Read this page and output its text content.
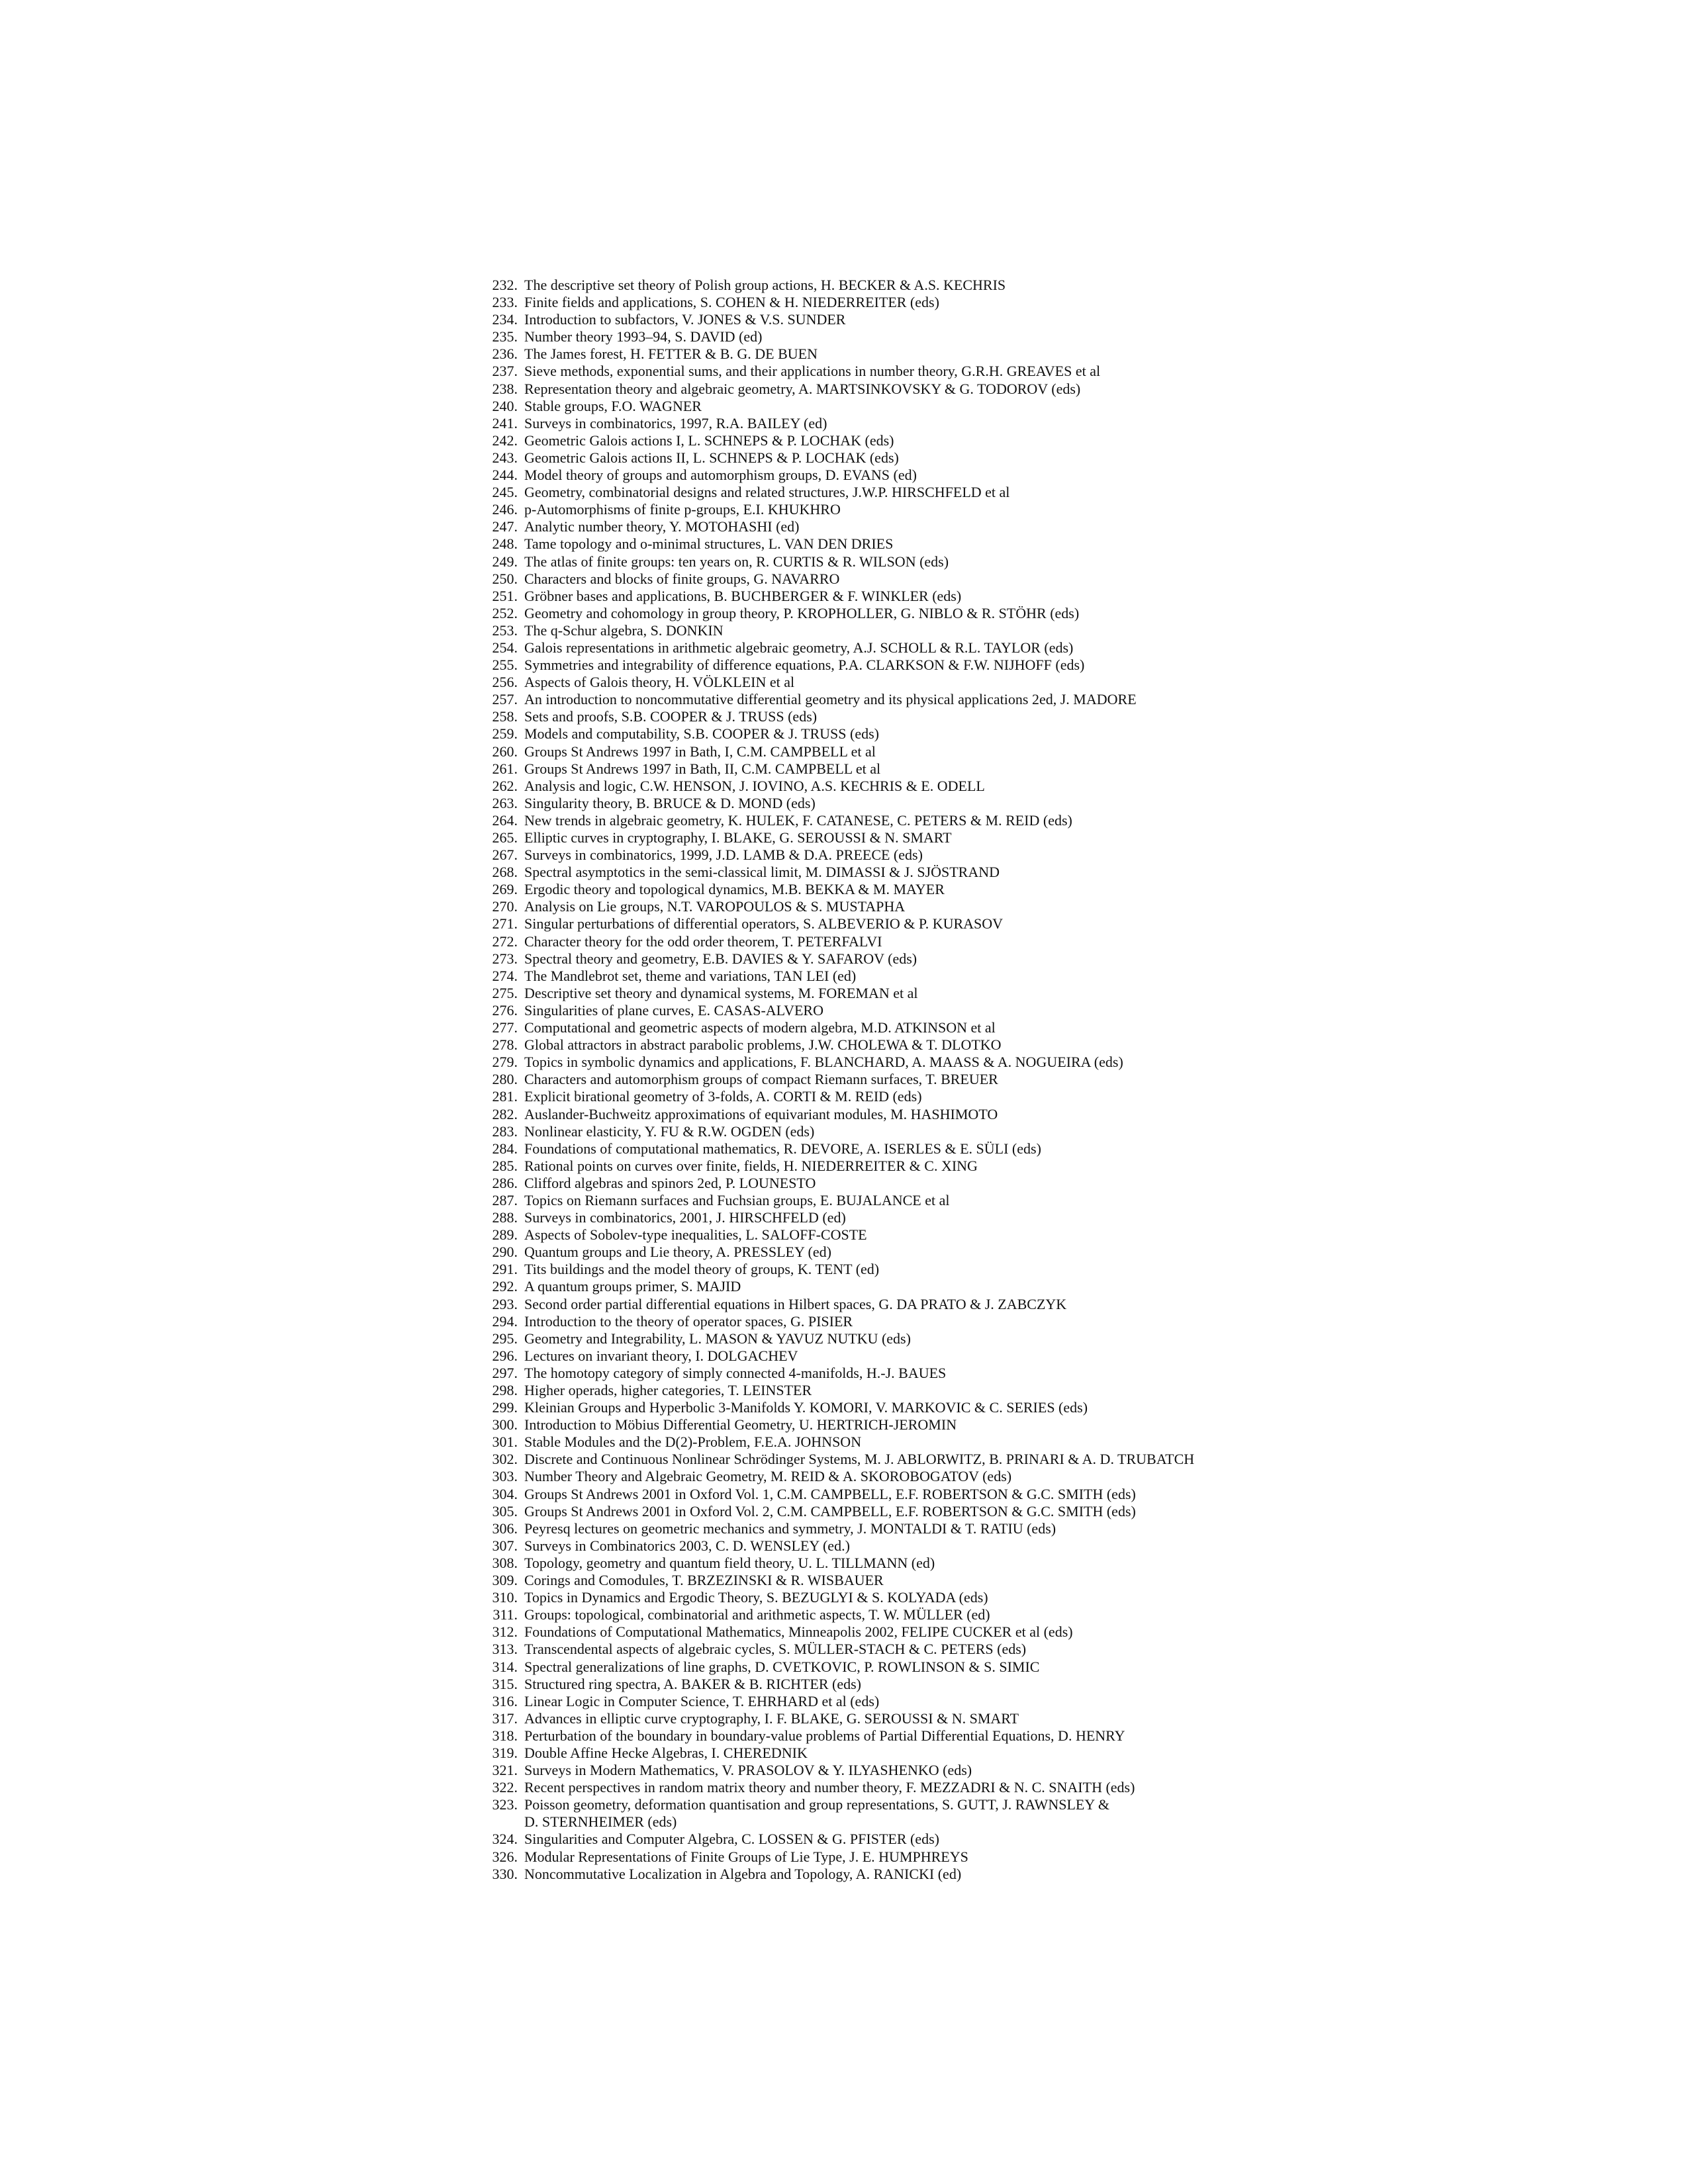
232. The descriptive set theory of Polish group actions, H. BECKER & A.S. KECHRIS
233. Finite fields and applications, S. COHEN & H. NIEDERREITER (eds)
234. Introduction to subfactors, V. JONES & V.S. SUNDER
235. Number theory 1993–94, S. DAVID (ed)
236. The James forest, H. FETTER & B. G. DE BUEN
237. Sieve methods, exponential sums, and their applications in number theory, G.R.H. GREAVES et al
238. Representation theory and algebraic geometry, A. MARTSINKOVSKY & G. TODOROV (eds)
240. Stable groups, F.O. WAGNER
241. Surveys in combinatorics, 1997, R.A. BAILEY (ed)
242. Geometric Galois actions I, L. SCHNEPS & P. LOCHAK (eds)
243. Geometric Galois actions II, L. SCHNEPS & P. LOCHAK (eds)
244. Model theory of groups and automorphism groups, D. EVANS (ed)
245. Geometry, combinatorial designs and related structures, J.W.P. HIRSCHFELD et al
246. p-Automorphisms of finite p-groups, E.I. KHUKHRO
247. Analytic number theory, Y. MOTOHASHI (ed)
248. Tame topology and o-minimal structures, L. VAN DEN DRIES
249. The atlas of finite groups: ten years on, R. CURTIS & R. WILSON (eds)
250. Characters and blocks of finite groups, G. NAVARRO
251. Gröbner bases and applications, B. BUCHBERGER & F. WINKLER (eds)
252. Geometry and cohomology in group theory, P. KROPHOLLER, G. NIBLO & R. STÖHR (eds)
253. The q-Schur algebra, S. DONKIN
254. Galois representations in arithmetic algebraic geometry, A.J. SCHOLL & R.L. TAYLOR (eds)
255. Symmetries and integrability of difference equations, P.A. CLARKSON & F.W. NIJHOFF (eds)
256. Aspects of Galois theory, H. VÖLKLEIN et al
257. An introduction to noncommutative differential geometry and its physical applications 2ed, J. MADORE
258. Sets and proofs, S.B. COOPER & J. TRUSS (eds)
259. Models and computability, S.B. COOPER & J. TRUSS (eds)
260. Groups St Andrews 1997 in Bath, I, C.M. CAMPBELL et al
261. Groups St Andrews 1997 in Bath, II, C.M. CAMPBELL et al
262. Analysis and logic, C.W. HENSON, J. IOVINO, A.S. KECHRIS & E. ODELL
263. Singularity theory, B. BRUCE & D. MOND (eds)
264. New trends in algebraic geometry, K. HULEK, F. CATANESE, C. PETERS & M. REID (eds)
265. Elliptic curves in cryptography, I. BLAKE, G. SEROUSSI & N. SMART
267. Surveys in combinatorics, 1999, J.D. LAMB & D.A. PREECE (eds)
268. Spectral asymptotics in the semi-classical limit, M. DIMASSI & J. SJÖSTRAND
269. Ergodic theory and topological dynamics, M.B. BEKKA & M. MAYER
270. Analysis on Lie groups, N.T. VAROPOULOS & S. MUSTAPHA
271. Singular perturbations of differential operators, S. ALBEVERIO & P. KURASOV
272. Character theory for the odd order theorem, T. PETERFALVI
273. Spectral theory and geometry, E.B. DAVIES & Y. SAFAROV (eds)
274. The Mandlebrot set, theme and variations, TAN LEI (ed)
275. Descriptive set theory and dynamical systems, M. FOREMAN et al
276. Singularities of plane curves, E. CASAS-ALVERO
277. Computational and geometric aspects of modern algebra, M.D. ATKINSON et al
278. Global attractors in abstract parabolic problems, J.W. CHOLEWA & T. DLOTKO
279. Topics in symbolic dynamics and applications, F. BLANCHARD, A. MAASS & A. NOGUEIRA (eds)
280. Characters and automorphism groups of compact Riemann surfaces, T. BREUER
281. Explicit birational geometry of 3-folds, A. CORTI & M. REID (eds)
282. Auslander-Buchweitz approximations of equivariant modules, M. HASHIMOTO
283. Nonlinear elasticity, Y. FU & R.W. OGDEN (eds)
284. Foundations of computational mathematics, R. DEVORE, A. ISERLES & E. SÜLI (eds)
285. Rational points on curves over finite, fields, H. NIEDERREITER & C. XING
286. Clifford algebras and spinors 2ed, P. LOUNESTO
287. Topics on Riemann surfaces and Fuchsian groups, E. BUJALANCE et al
288. Surveys in combinatorics, 2001, J. HIRSCHFELD (ed)
289. Aspects of Sobolev-type inequalities, L. SALOFF-COSTE
290. Quantum groups and Lie theory, A. PRESSLEY (ed)
291. Tits buildings and the model theory of groups, K. TENT (ed)
292. A quantum groups primer, S. MAJID
293. Second order partial differential equations in Hilbert spaces, G. DA PRATO & J. ZABCZYK
294. Introduction to the theory of operator spaces, G. PISIER
295. Geometry and Integrability, L. MASON & YAVUZ NUTKU (eds)
296. Lectures on invariant theory, I. DOLGACHEV
297. The homotopy category of simply connected 4-manifolds, H.-J. BAUES
298. Higher operads, higher categories, T. LEINSTER
299. Kleinian Groups and Hyperbolic 3-Manifolds Y. KOMORI, V. MARKOVIC & C. SERIES (eds)
300. Introduction to Möbius Differential Geometry, U. HERTRICH-JEROMIN
301. Stable Modules and the D(2)-Problem, F.E.A. JOHNSON
302. Discrete and Continuous Nonlinear Schrödinger Systems, M. J. ABLORWITZ, B. PRINARI & A. D. TRUBATCH
303. Number Theory and Algebraic Geometry, M. REID & A. SKOROBOGATOV (eds)
304. Groups St Andrews 2001 in Oxford Vol. 1, C.M. CAMPBELL, E.F. ROBERTSON & G.C. SMITH (eds)
305. Groups St Andrews 2001 in Oxford Vol. 2, C.M. CAMPBELL, E.F. ROBERTSON & G.C. SMITH (eds)
306. Peyresq lectures on geometric mechanics and symmetry, J. MONTALDI & T. RATIU (eds)
307. Surveys in Combinatorics 2003, C. D. WENSLEY (ed.)
308. Topology, geometry and quantum field theory, U. L. TILLMANN (ed)
309. Corings and Comodules, T. BRZEZINSKI & R. WISBAUER
310. Topics in Dynamics and Ergodic Theory, S. BEZUGLYI & S. KOLYADA (eds)
311. Groups: topological, combinatorial and arithmetic aspects, T. W. MÜLLER (ed)
312. Foundations of Computational Mathematics, Minneapolis 2002, FELIPE CUCKER et al (eds)
313. Transcendental aspects of algebraic cycles, S. MÜLLER-STACH & C. PETERS (eds)
314. Spectral generalizations of line graphs, D. CVETKOVIC, P. ROWLINSON & S. SIMIC
315. Structured ring spectra, A. BAKER & B. RICHTER (eds)
316. Linear Logic in Computer Science, T. EHRHARD et al (eds)
317. Advances in elliptic curve cryptography, I. F. BLAKE, G. SEROUSSI & N. SMART
318. Perturbation of the boundary in boundary-value problems of Partial Differential Equations, D. HENRY
319. Double Affine Hecke Algebras, I. CHEREDNIK
321. Surveys in Modern Mathematics, V. PRASOLOV & Y. ILYASHENKO (eds)
322. Recent perspectives in random matrix theory and number theory, F. MEZZADRI & N. C. SNAITH (eds)
323. Poisson geometry, deformation quantisation and group representations, S. GUTT, J. RAWNSLEY &
D. STERNHEIMER (eds)
324. Singularities and Computer Algebra, C. LOSSEN & G. PFISTER (eds)
326. Modular Representations of Finite Groups of Lie Type, J. E. HUMPHREYS
330. Noncommutative Localization in Algebra and Topology, A. RANICKI (ed)
